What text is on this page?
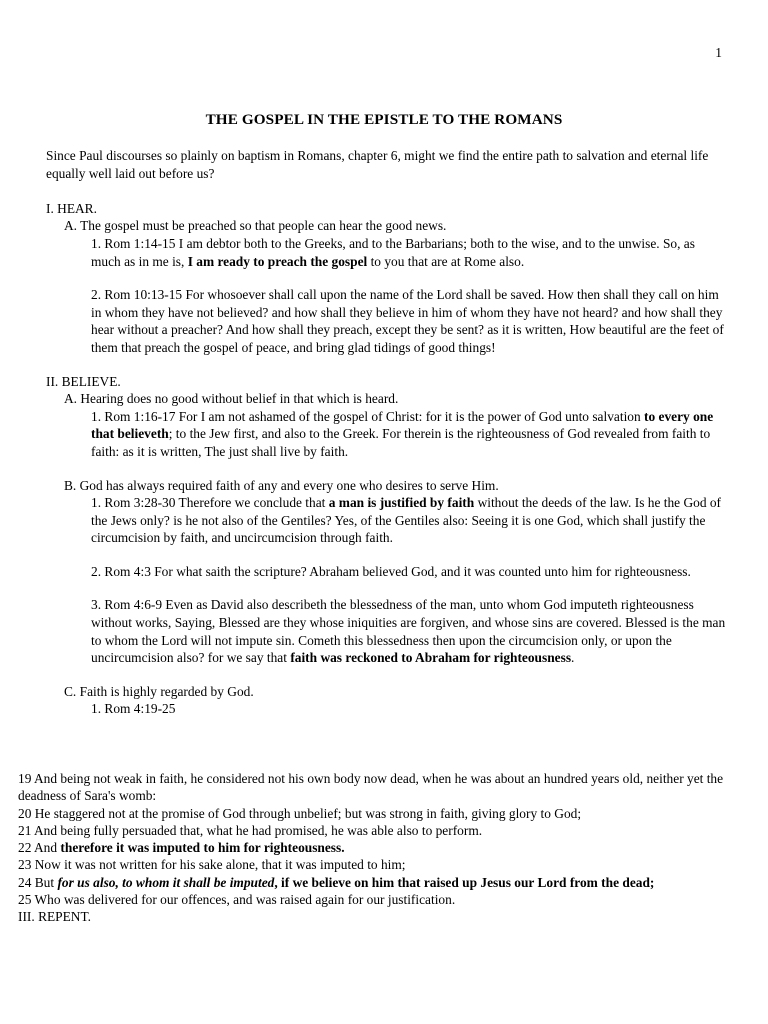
1
THE GOSPEL IN THE EPISTLE TO THE ROMANS

Since Paul discourses so plainly on baptism in Romans, chapter 6, might we find the entire path to salvation and eternal life equally well laid out before us?

I. HEAR.

A. The gospel must be preached so that people can hear the good news.

1. Rom 1:14-15 I am debtor both to the Greeks, and to the Barbarians; both to the wise, and to the unwise. So, as much as in me is, I am ready to preach the gospel to you that are at Rome also.

2. Rom 10:13-15 For whosoever shall call upon the name of the Lord shall be saved. How then shall they call on him in whom they have not believed? and how shall they believe in him of whom they have not heard? and how shall they hear without a preacher? And how shall they preach, except they be sent? as it is written, How beautiful are the feet of them that preach the gospel of peace, and bring glad tidings of good things!

II. BELIEVE.

A. Hearing does no good without belief in that which is heard.

1. Rom 1:16-17 For I am not ashamed of the gospel of Christ: for it is the power of God unto salvation to every one that believeth; to the Jew first, and also to the Greek. For therein is the righteousness of God revealed from faith to faith: as it is written, The just shall live by faith.

B. God has always required faith of any and every one who desires to serve Him.

1. Rom 3:28-30 Therefore we conclude that a man is justified by faith without the deeds of the law. Is he the God of the Jews only? is he not also of the Gentiles? Yes, of the Gentiles also: Seeing it is one God, which shall justify the circumcision by faith, and uncircumcision through faith.

2. Rom 4:3 For what saith the scripture? Abraham believed God, and it was counted unto him for righteousness.

3. Rom 4:6-9 Even as David also describeth the blessedness of the man, unto whom God imputeth righteousness without works, Saying, Blessed are they whose iniquities are forgiven, and whose sins are covered. Blessed is the man to whom the Lord will not impute sin. Cometh this blessedness then upon the circumcision only, or upon the uncircumcision also? for we say that faith was reckoned to Abraham for righteousness.

C. Faith is highly regarded by God.

1. Rom 4:19-25

19 And being not weak in faith, he considered not his own body now dead, when he was about an hundred years old, neither yet the deadness of Sara's womb:

20 He staggered not at the promise of God through unbelief; but was strong in faith, giving glory to God;

21 And being fully persuaded that, what he had promised, he was able also to perform.

22 And therefore it was imputed to him for righteousness.

23 Now it was not written for his sake alone, that it was imputed to him;

24 But for us also, to whom it shall be imputed, if we believe on him that raised up Jesus our Lord from the dead;

25 Who was delivered for our offences, and was raised again for our justification.

III. REPENT.
